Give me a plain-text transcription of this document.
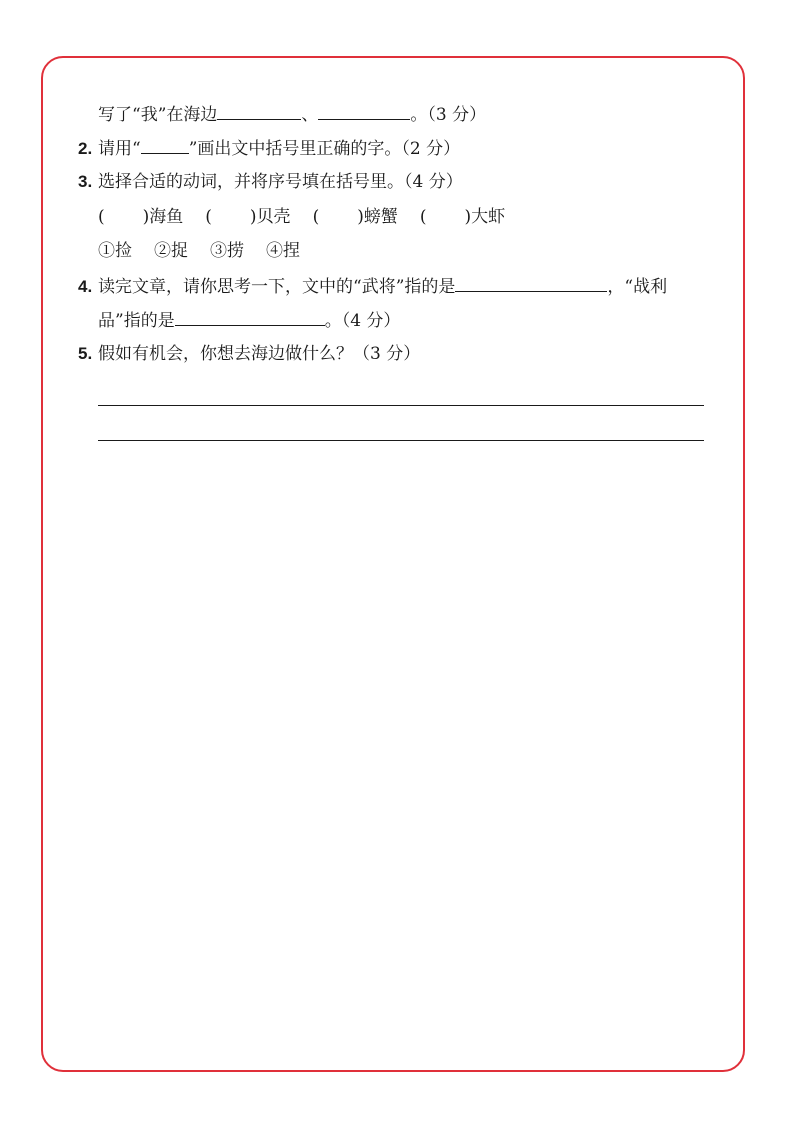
写了“我”在海边	、	。（3 分）
2. 请用“	”画出文中括号里正确的字。（2 分）
3. 选择合适的动词，并将序号填在括号里。（4 分）
( )海鱼 ( )贝壳 ( )螃蟹 ( )大虾
①捡 ②捉 ③捞 ④捏
4. 读完文章，请你思考一下，文中的“武将”指的是	，“战利
品”指的是	。（4 分）
5. 假如有机会，你想去海边做什么？（3 分）
